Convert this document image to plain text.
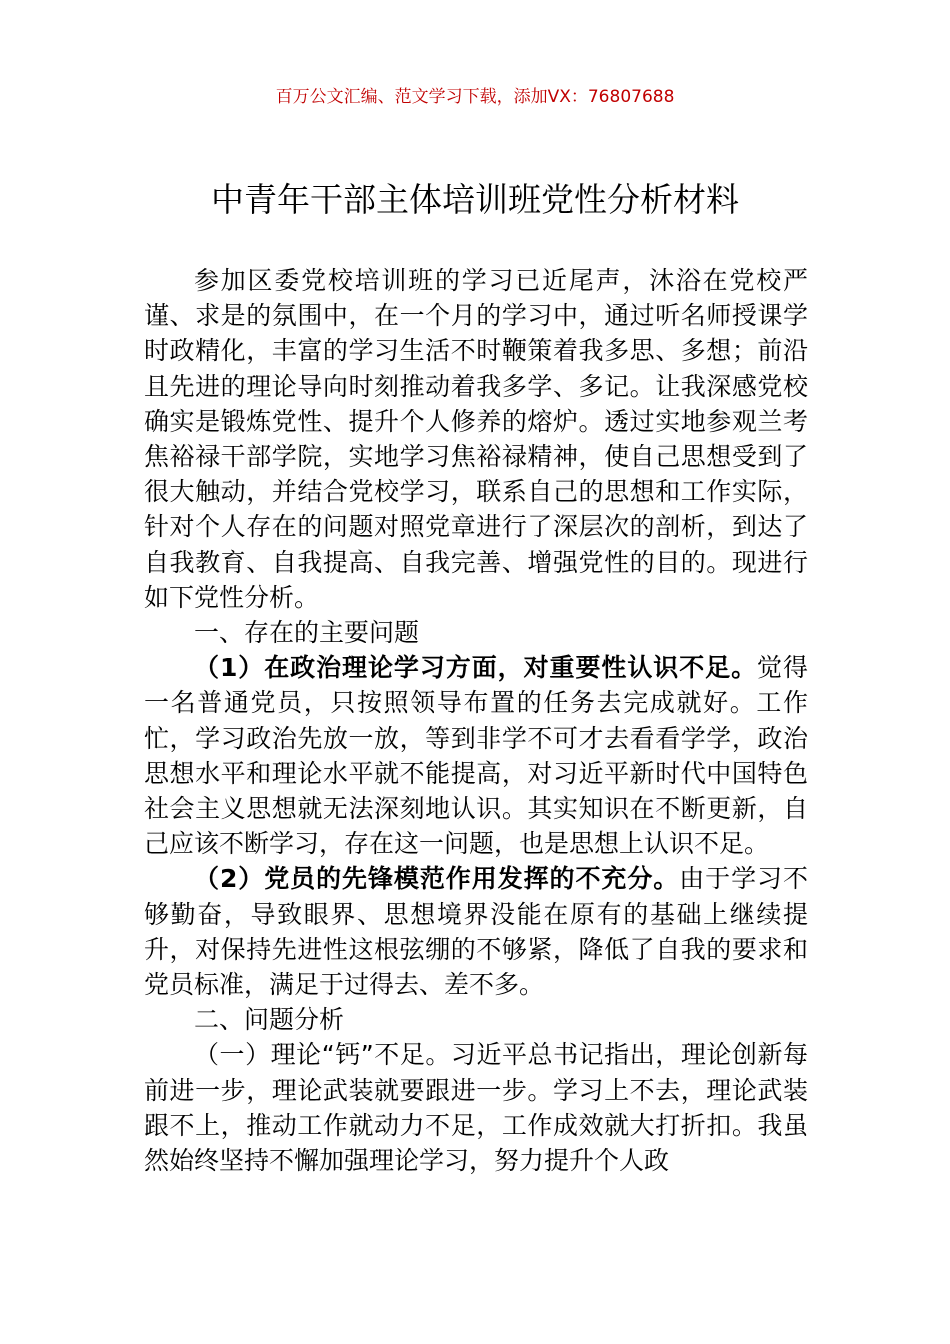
百万公文汇编、范文学习下载，添加VX：76807688
中青年干部主体培训班党性分析材料

参加区委党校培训班的学习已近尾声，沐浴在党校严谨、求是的氛围中，在一个月的学习中，通过听名师授课学时政精化，丰富的学习生活不时鞭策着我多思、多想；前沿且先进的理论导向时刻推动着我多学、多记。让我深感党校确实是锻炼党性、提升个人修养的熔炉。透过实地参观兰考焦裕禄干部学院，实地学习焦裕禄精神，使自己思想受到了很大触动，并结合党校学习，联系自己的思想和工作实际，针对个人存在的问题对照党章进行了深层次的剖析，到达了自我教育、自我提高、自我完善、增强党性的目的。现进行如下党性分析。

一、存在的主要问题

（1）在政治理论学习方面，对重要性认识不足。觉得一名普通党员，只按照领导布置的任务去完成就好。工作忙，学习政治先放一放，等到非学不可才去看看学学，政治思想水平和理论水平就不能提高，对习近平新时代中国特色社会主义思想就无法深刻地认识。其实知识在不断更新，自己应该不断学习，存在这一问题，也是思想上认识不足。

（2）党员的先锋模范作用发挥的不充分。由于学习不够勤奋，导致眼界、思想境界没能在原有的基础上继续提升，对保持先进性这根弦绷的不够紧，降低了自我的要求和党员标准，满足于过得去、差不多。

二、问题分析

（一）理论“钙”不足。习近平总书记指出，理论创新每前进一步，理论武装就要跟进一步。学习上不去，理论武装跟不上，推动工作就动力不足，工作成效就大打折扣。我虽然始终坚持不懈加强理论学习，努力提升个人政
